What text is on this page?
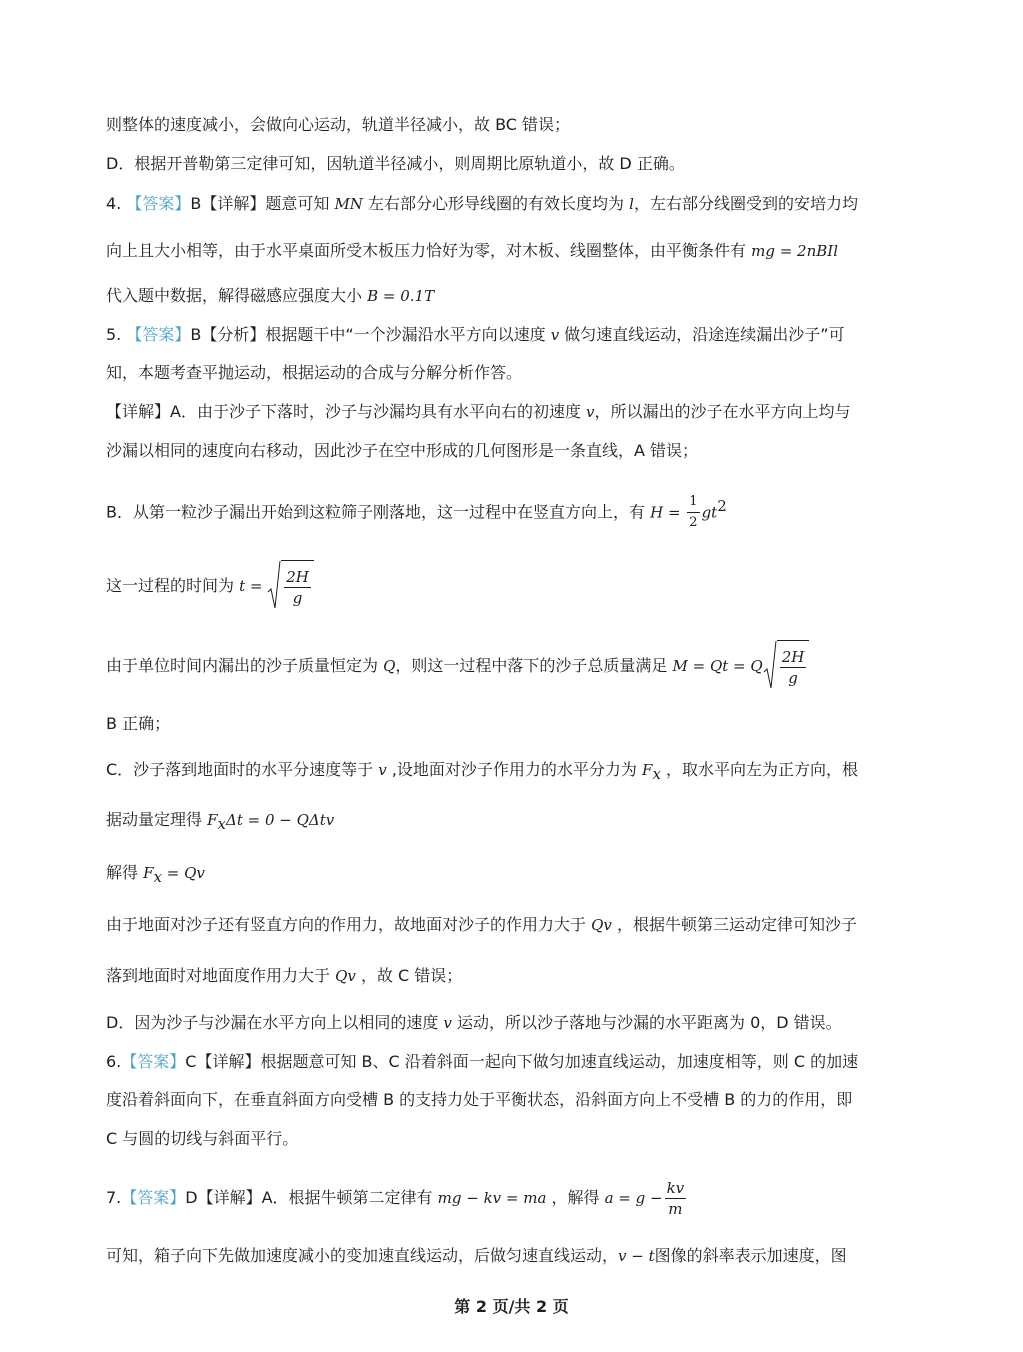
则整体的速度减小，会做向心运动，轨道半径减小，故 BC 错误；
D．根据开普勒第三定律可知，因轨道半径减小，则周期比原轨道小，故 D 正确。
4. 【答案】B【详解】题意可知 MN 左右部分心形导线圈的有效长度均为 l，左右部分线圈受到的安培力均
向上且大小相等，由于水平桌面所受木板压力恰好为零，对木板、线圈整体，由平衡条件有 mg = 2nBIl
代入题中数据，解得磁感应强度大小 B = 0.1T
5. 【答案】B【分析】根据题干中“一个沙漏沿水平方向以速度 v 做匀速直线运动，沿途连续漏出沙子”可
知，本题考查平抛运动，根据运动的合成与分解分析作答。
【详解】A．由于沙子下落时，沙子与沙漏均具有水平向右的初速度 v，所以漏出的沙子在水平方向上均与
沙漏以相同的速度向右移动，因此沙子在空中形成的几何图形是一条直线，A 错误；
B．从第一粒沙子漏出开始到这粒筛子刚落地，这一过程中在竖直方向上，有 $H = \frac{1}{2} gt^2$
这一过程的时间为 $t = \frac{2H}{g}$
由于单位时间内漏出的沙子质量恒定为 Q，则这一过程中落下的沙子总质量满足 M = Qt = Q $\frac{2H}{g}$
B 正确；
C．沙子落到地面时的水平分速度等于 v ,设地面对沙子作用力的水平分力为 $F_x$ ，取水平向左为正方向，根
据动量定理得 $F_x\Delta t = 0 - Q\Delta tv$
解得 $F_x = Qv$
由于地面对沙子还有竖直方向的作用力，故地面对沙子的作用力大于 Qv ，根据牛顿第三运动定律可知沙子
落到地面时对地面度作用力大于 Qv ，故 C 错误；
D．因为沙子与沙漏在水平方向上以相同的速度 v 运动，所以沙子落地与沙漏的水平距离为 0，D 错误。
6.【答案】C【详解】根据题意可知 B、C 沿着斜面一起向下做匀加速直线运动，加速度相等，则 C 的加速
度沿着斜面向下，在垂直斜面方向受槽 B 的支持力处于平衡状态，沿斜面方向上不受槽 B 的力的作用，即
C 与圆的切线与斜面平行。
7.【答案】D【详解】A．根据牛顿第二定律有 mg − kv = ma ，解得 $a = g - \frac{kv}{m}$
可知，箱子向下先做加速度减小的变加速直线运动，后做匀速直线运动，v − t图像的斜率表示加速度，图
第 2 页/共 2 页
